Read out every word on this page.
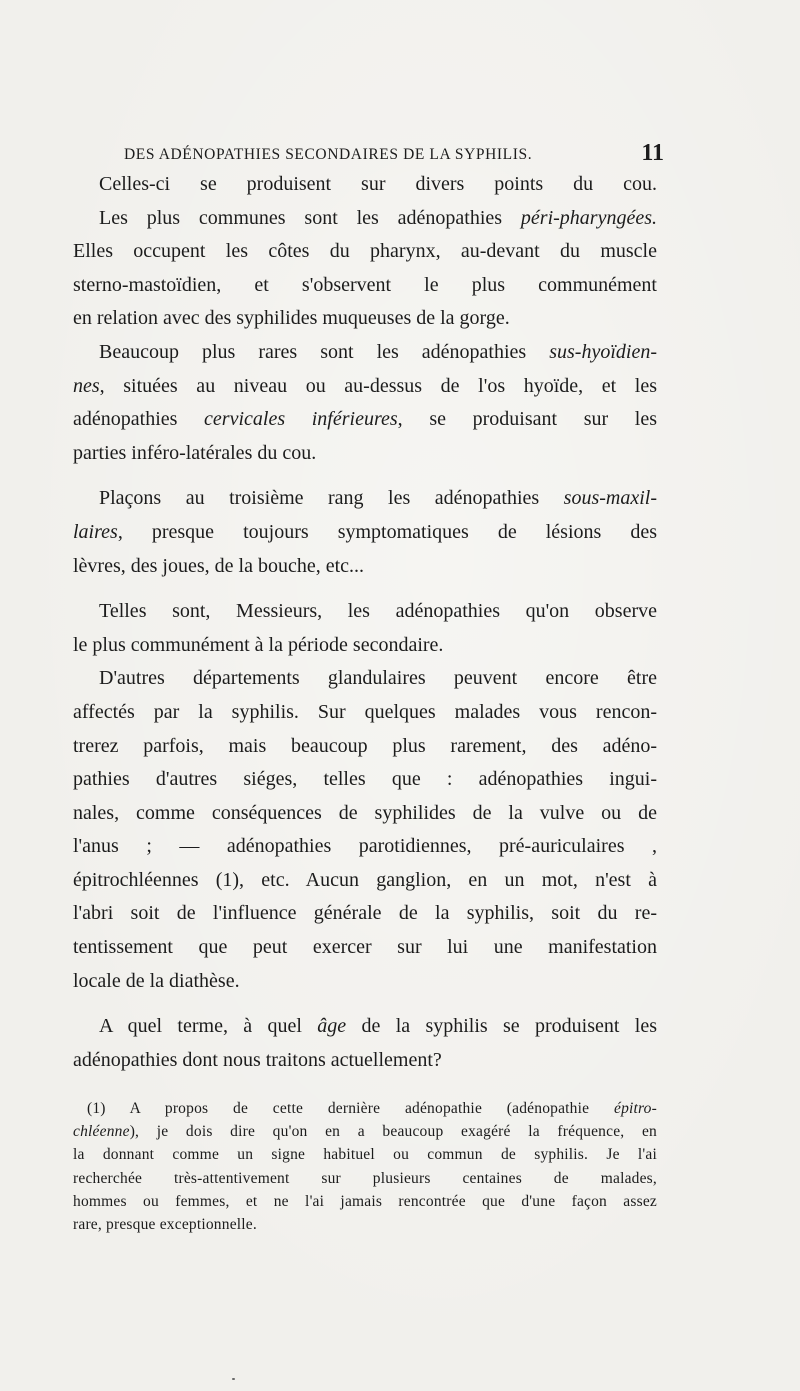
DES ADÉNOPATHIES SECONDAIRES DE LA SYPHILIS.	11
Celles-ci se produisent sur divers points du cou.
Les plus communes sont les adénopathies péri-pharyngées.
Elles occupent les côtes du pharynx, au-devant du muscle
sterno-mastoïdien, et s'observent le plus communément
en relation avec des syphilides muqueuses de la gorge.
Beaucoup plus rares sont les adénopathies sus-hyoïdien-
nes, situées au niveau ou au-dessus de l'os hyoïde, et les
adénopathies cervicales inférieures, se produisant sur les
parties inféro-latérales du cou.
Plaçons au troisième rang les adénopathies sous-maxil-
laires, presque toujours symptomatiques de lésions des
lèvres, des joues, de la bouche, etc...
Telles sont, Messieurs, les adénopathies qu'on observe
le plus communément à la période secondaire.
D'autres départements glandulaires peuvent encore être
affectés par la syphilis. Sur quelques malades vous rencon-
trerez parfois, mais beaucoup plus rarement, des adéno-
pathies d'autres siéges, telles que : adénopathies ingui-
nales, comme conséquences de syphilides de la vulve ou de
l'anus ; — adénopathies parotidiennes, pré-auriculaires ,
épitrochléennes (1), etc. Aucun ganglion, en un mot, n'est à
l'abri soit de l'influence générale de la syphilis, soit du re-
tentissement que peut exercer sur lui une manifestation
locale de la diathèse.
A quel terme, à quel âge de la syphilis se produisent les
adénopathies dont nous traitons actuellement?
(1) A propos de cette dernière adénopathie (adénopathie épitro-
chléenne), je dois dire qu'on en a beaucoup exagéré la fréquence, en
la donnant comme un signe habituel ou commun de syphilis. Je l'ai
recherchée très-attentivement sur plusieurs centaines de malades,
hommes ou femmes, et ne l'ai jamais rencontrée que d'une façon assez
rare, presque exceptionnelle.
